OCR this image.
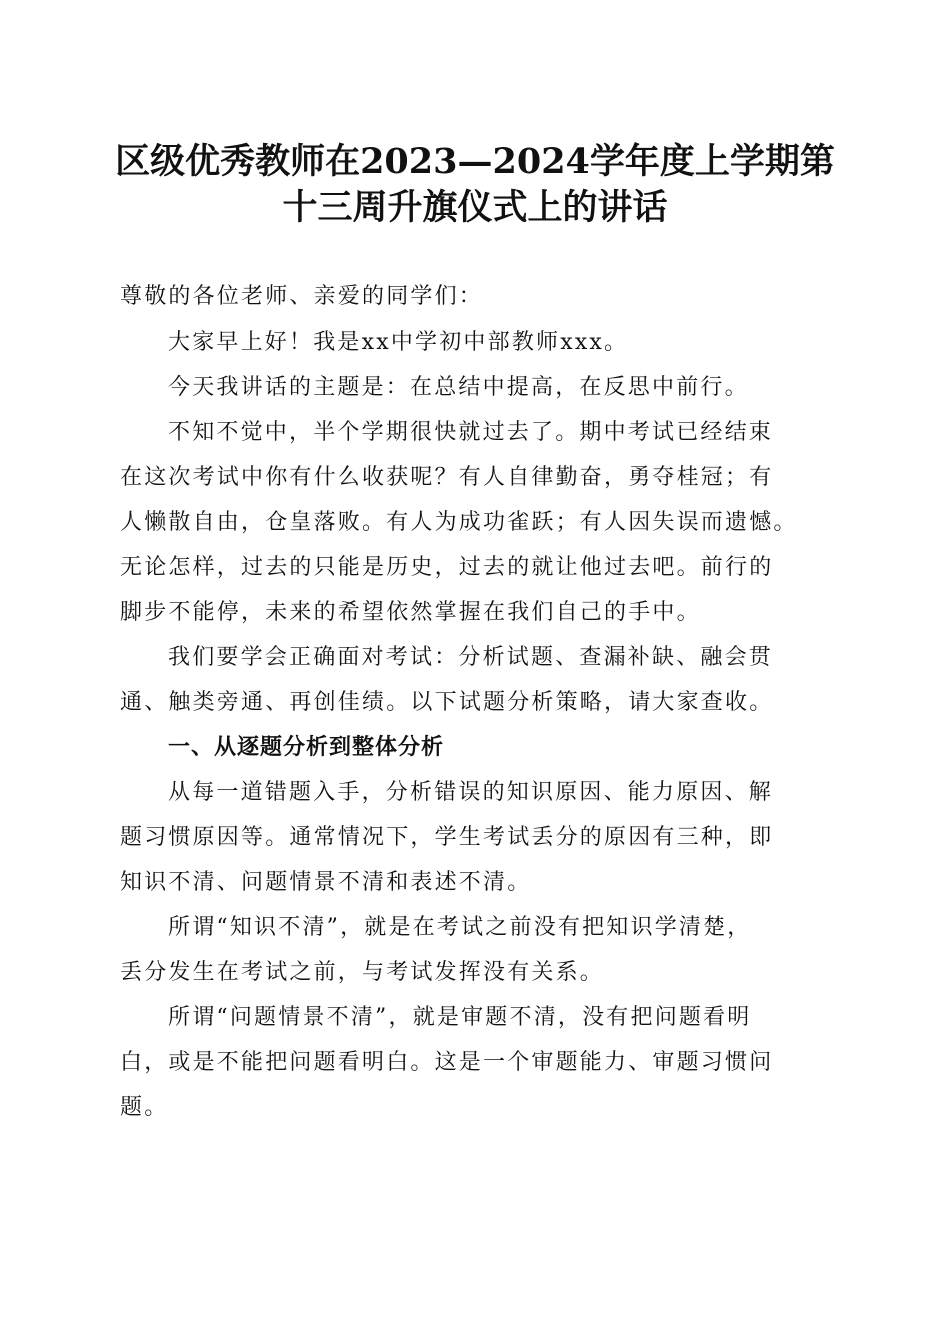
区级优秀教师在2023—2024学年度上学期第
十三周升旗仪式上的讲话
尊敬的各位老师、亲爱的同学们：
大家早上好！我是xx中学初中部教师xxx。
今天我讲话的主题是：在总结中提高，在反思中前行。
不知不觉中，半个学期很快就过去了。期中考试已经结束
在这次考试中你有什么收获呢？有人自律勤奋，勇夺桂冠；有
人懒散自由，仓皇落败。有人为成功雀跃；有人因失误而遗憾。
无论怎样，过去的只能是历史，过去的就让他过去吧。前行的
脚步不能停，未来的希望依然掌握在我们自己的手中。
我们要学会正确面对考试：分析试题、查漏补缺、融会贯
通、触类旁通、再创佳绩。以下试题分析策略，请大家查收。
一、从逐题分析到整体分析
从每一道错题入手，分析错误的知识原因、能力原因、解
题习惯原因等。通常情况下，学生考试丢分的原因有三种，即
知识不清、问题情景不清和表述不清。
所谓“知识不清”，就是在考试之前没有把知识学清楚，
丢分发生在考试之前，与考试发挥没有关系。
所谓“问题情景不清”，就是审题不清，没有把问题看明
白，或是不能把问题看明白。这是一个审题能力、审题习惯问
题。
